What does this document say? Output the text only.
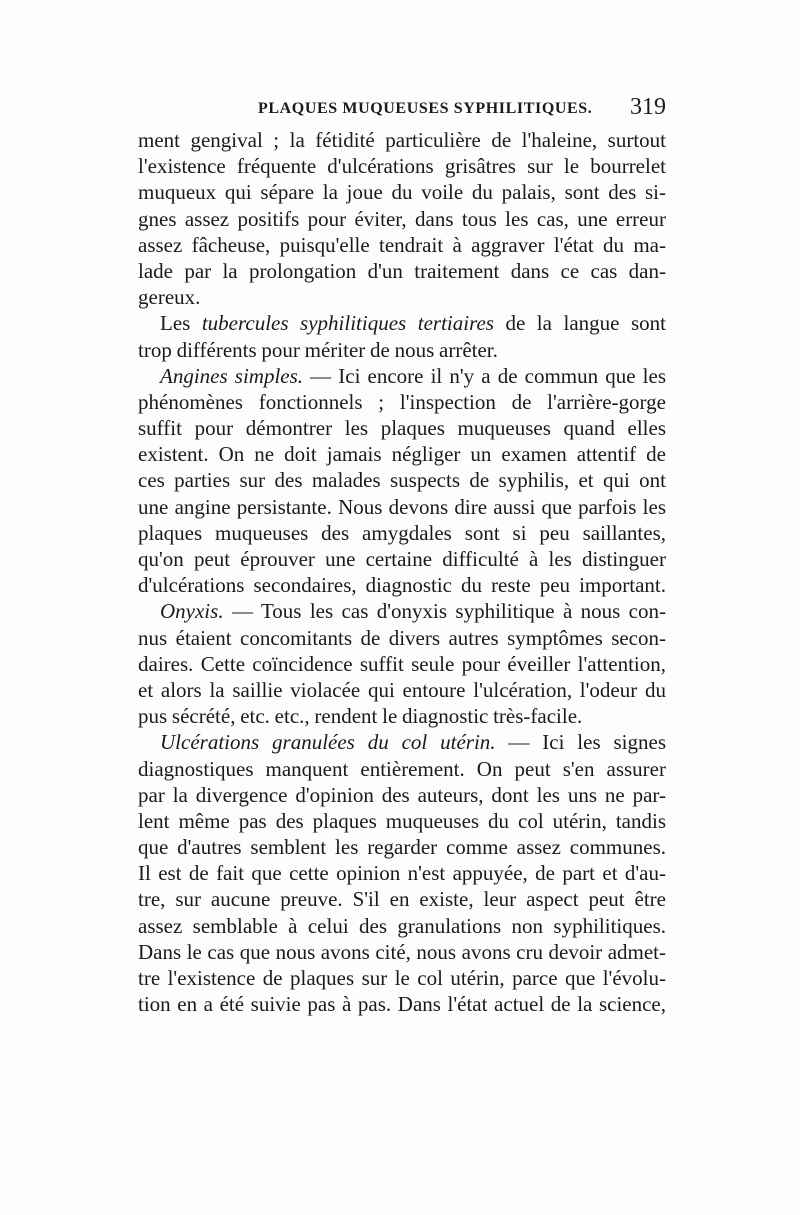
PLAQUES MUQUEUSES SYPHILITIQUES. 319
ment gengival ; la fétidité particulière de l'haleine, surtout
l'existence fréquente d'ulcérations grisâtres sur le bourrelet
muqueux qui sépare la joue du voile du palais, sont des si-
gnes assez positifs pour éviter, dans tous les cas, une erreur
assez fâcheuse, puisqu'elle tendrait à aggraver l'état du ma-
lade par la prolongation d'un traitement dans ce cas dan-
gereux.
Les tubercules syphilitiques tertiaires de la langue sont
trop différents pour mériter de nous arrêter.
Angines simples. — Ici encore il n'y a de commun que les
phénomènes fonctionnels ; l'inspection de l'arrière-gorge
suffit pour démontrer les plaques muqueuses quand elles
existent. On ne doit jamais négliger un examen attentif de
ces parties sur des malades suspects de syphilis, et qui ont
une angine persistante. Nous devons dire aussi que parfois les
plaques muqueuses des amygdales sont si peu saillantes,
qu'on peut éprouver une certaine difficulté à les distinguer
d'ulcérations secondaires, diagnostic du reste peu important.
Onyxis. — Tous les cas d'onyxis syphilitique à nous con-
nus étaient concomitants de divers autres symptômes secon-
daires. Cette coïncidence suffit seule pour éveiller l'attention,
et alors la saillie violacée qui entoure l'ulcération, l'odeur du
pus sécrété, etc. etc., rendent le diagnostic très-facile.
Ulcérations granulées du col utérin. — Ici les signes
diagnostiques manquent entièrement. On peut s'en assurer
par la divergence d'opinion des auteurs, dont les uns ne par-
lent même pas des plaques muqueuses du col utérin, tandis
que d'autres semblent les regarder comme assez communes.
Il est de fait que cette opinion n'est appuyée, de part et d'au-
tre, sur aucune preuve. S'il en existe, leur aspect peut être
assez semblable à celui des granulations non syphilitiques.
Dans le cas que nous avons cité, nous avons cru devoir admet-
tre l'existence de plaques sur le col utérin, parce que l'évolu-
tion en a été suivie pas à pas. Dans l'état actuel de la science,
